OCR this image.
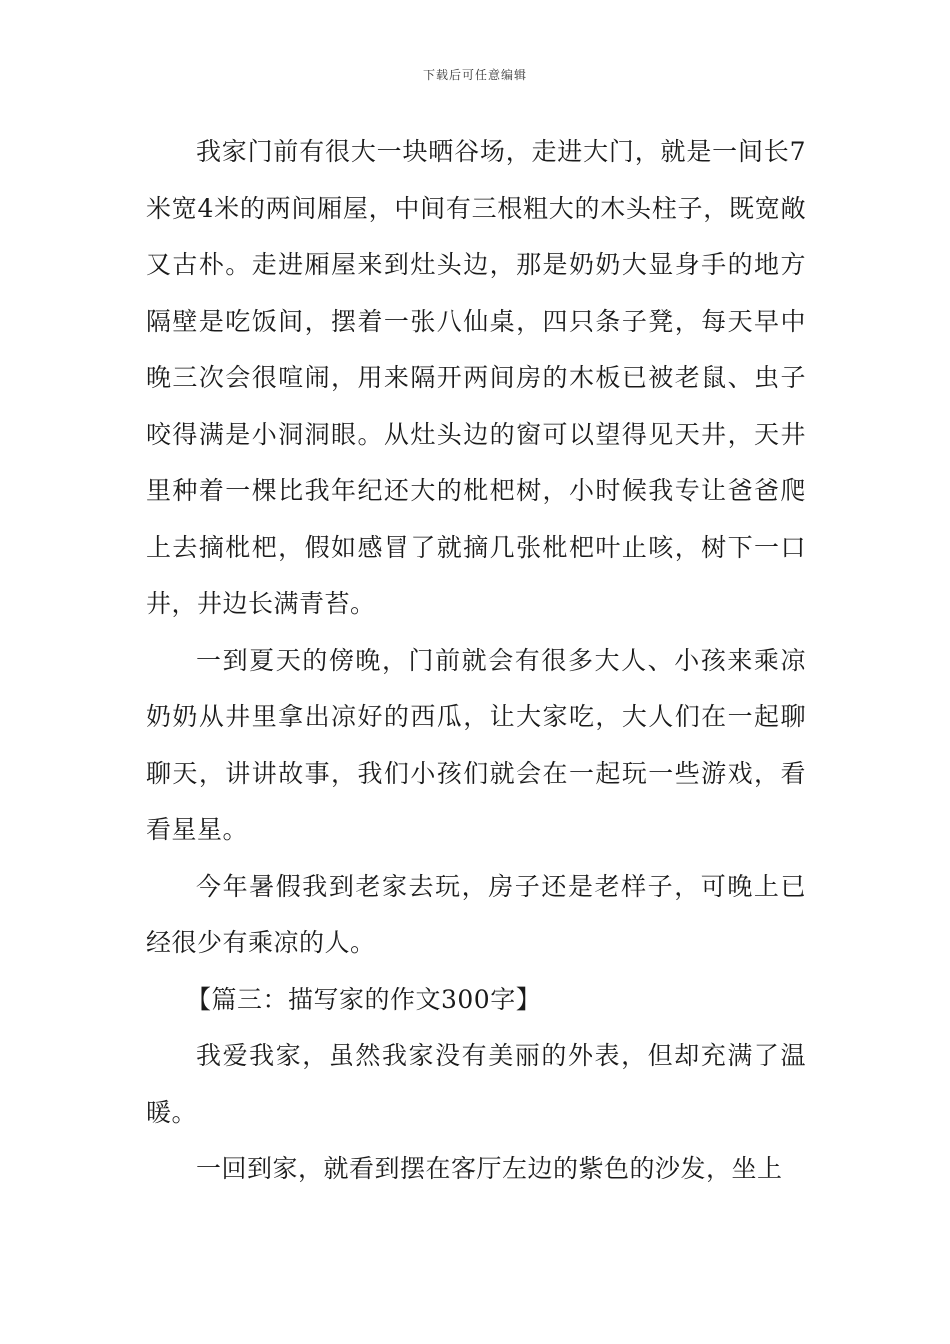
下载后可任意编辑

我家门前有很大一块晒谷场，走进大门，就是一间长7米宽4米的两间厢屋，中间有三根粗大的木头柱子，既宽敞又古朴。走进厢屋来到灶头边，那是奶奶大显身手的地方隔壁是吃饭间，摆着一张八仙桌，四只条子凳，每天早中晚三次会很喧闹，用来隔开两间房的木板已被老鼠、虫子咬得满是小洞洞眼。从灶头边的窗可以望得见天井，天井里种着一棵比我年纪还大的枇杷树，小时候我专让爸爸爬上去摘枇杷，假如感冒了就摘几张枇杷叶止咳，树下一口井，井边长满青苔。

一到夏天的傍晚，门前就会有很多大人、小孩来乘凉奶奶从井里拿出凉好的西瓜，让大家吃，大人们在一起聊聊天，讲讲故事，我们小孩们就会在一起玩一些游戏，看看星星。

今年暑假我到老家去玩，房子还是老样子，可晚上已经很少有乘凉的人。

【篇三：描写家的作文300字】

我爱我家，虽然我家没有美丽的外表，但却充满了温暖。

一回到家，就看到摆在客厅左边的紫色的沙发，坐上
